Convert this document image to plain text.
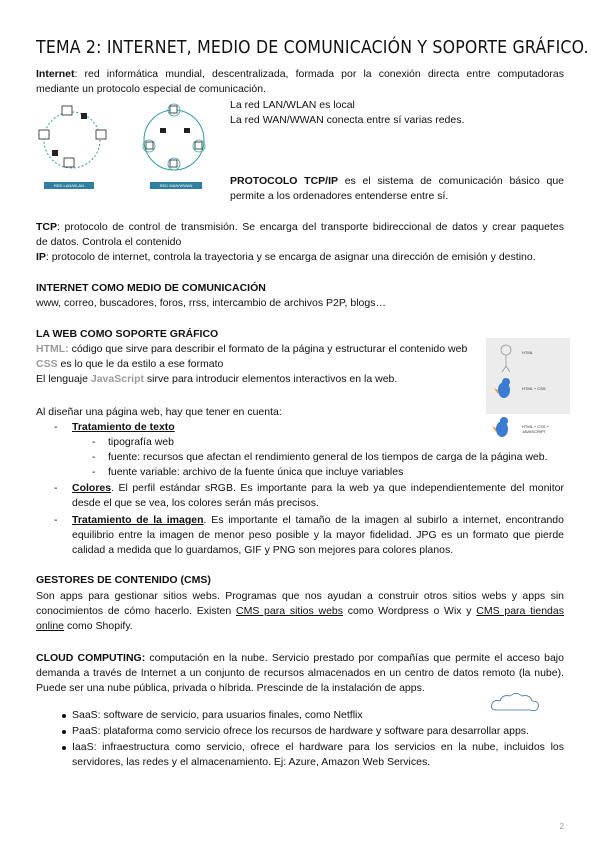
TEMA 2: INTERNET, MEDIO DE COMUNICACIÓN Y SOPORTE GRÁFICO.
Internet: red informática mundial, descentralizada, formada por la conexión directa entre computadoras
mediante un protocolo especial de comunicación.
RED LAN/WLAN	RED WAN/WWAN
La red LAN/WLAN es local
La red WAN/WWAN conecta entre sí varias redes.
PROTOCOLO TCP/IP es el sistema de comunicación básico que
permite a los ordenadores entenderse entre sí.
TCP: protocolo de control de transmisión. Se encarga del transporte bidireccional de datos y crear paquetes
de datos. Controla el contenido
IP: protocolo de internet, controla la trayectoria y se encarga de asignar una dirección de emisión y destino.
INTERNET COMO MEDIO DE COMUNICACIÓN
www, correo, buscadores, foros, rrss, intercambio de archivos P2P, blogs…
LA WEB COMO SOPORTE GRÁFICO
HTML: código que sirve para describir el formato de la página y estructurar el contenido web
CSS es lo que le da estilo a ese formato
El lenguaje JavaScript sirve para introducir elementos interactivos en la web.
HTML
HTML + CSS
HTML + CSS + JAVASCRIPT
Al diseñar una página web, hay que tener en cuenta:
- Tratamiento de texto
- tipografía web
- fuente: recursos que afectan el rendimiento general de los tiempos de carga de la página web.
- fuente variable: archivo de la fuente única que incluye variables
- Colores. El perfil estándar sRGB. Es importante para la web ya que independientemente del monitor
desde el que se vea, los colores serán más precisos.
- Tratamiento de la imagen. Es importante el tamaño de la imagen al subirlo a internet, encontrando
equilibrio entre la imagen de menor peso posible y la mayor fidelidad. JPG es un formato que pierde
calidad a medida que lo guardamos, GIF y PNG son mejores para colores planos.
GESTORES DE CONTENIDO (CMS)
Son apps para gestionar sitios webs. Programas que nos ayudan a construir otros sitios webs y apps sin
conocimientos de cómo hacerlo. Existen CMS para sitios webs como Wordpress o Wix y CMS para tiendas
online como Shopify.
CLOUD COMPUTING: computación en la nube. Servicio prestado por compañías que permite el acceso bajo
demanda a través de Internet a un conjunto de recursos almacenados en un centro de datos remoto (la nube).
Puede ser una nube pública, privada o híbrida. Prescinde de la instalación de apps.
SaaS: software de servicio, para usuarios finales, como Netflix
PaaS: plataforma como servicio ofrece los recursos de hardware y software para desarrollar apps.
IaaS: infraestructura como servicio, ofrece el hardware para los servicios en la nube, incluidos los
servidores, las redes y el almacenamiento. Ej: Azure, Amazon Web Services.
2
